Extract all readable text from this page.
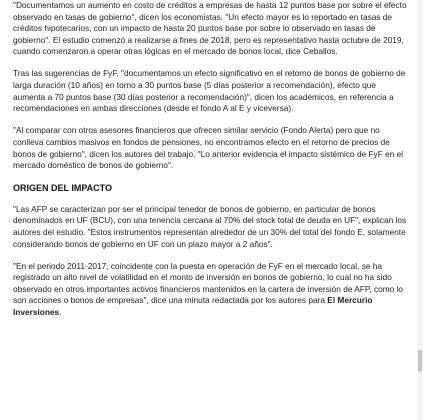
"Documentamos un aumento en costo de créditos a empresas de hasta 12 puntos base por sobre el efecto observado en tasas de gobierno", dicen los economistas. "Un efecto mayor es lo reportado en tasas de créditos hipotecarios, con un impacto de hasta 20 puntos base por sobre lo observado en tasas de gobierno". El estudio comenzó a realizarse a fines de 2018, pero es representativo hasta octubre de 2019, cuando comenzaron a operar otras lógicas en el mercado de bonos local, dice Ceballos.

Tras las sugerencias de FyF, "documentamos un efecto significativo en el retorno de bonos de gobierno de larga duración (10 años) en torno a 30 puntos base (5 días posterior a recomendación), efecto que aumenta a 70 puntos base (30 días posterior a recomendación)", dicen los académicos, en referencia a recomendaciones en ambas direcciones (desde el fondo A al E y viceversa).

"Al comparar con otros asesores financieros que ofrecen similar servicio (Fondo Alerta) pero que no conlleva cambios masivos en fondos de pensiones, no encontramos efecto en el retorno de precios de bonos de gobierno", dicen los autores del trabajo. "Lo anterior evidencia el impacto sistémico de FyF en el mercado doméstico de bonos de gobierno".

ORIGEN DEL IMPACTO

"Las AFP se caracterizan por ser el principal tenedor de bonos de gobierno, en particular de bonos denominados en UF (BCU), con una tenencia cercana al 70% del stock total de deuda en UF", explican los autores del estudio. "Estos instrumentos representan alrededor de un 30% del total del fondo E, solamente considerando bonos de gobierno en UF con un plazo mayor a 2 años".

"En el periodo 2011-2017, coincidente con la puesta en operación de FyF en el mercado local, se ha registrado un alto nivel de volatilidad en el monto de inversión en bonos de gobierno, lo cual no ha sido observado en otros importantes activos financieros mantenidos en la cartera de inversión de AFP, como lo son acciones o bonos de empresas", dice una minuta redactada por los autores para El Mercurio Inversiones.
